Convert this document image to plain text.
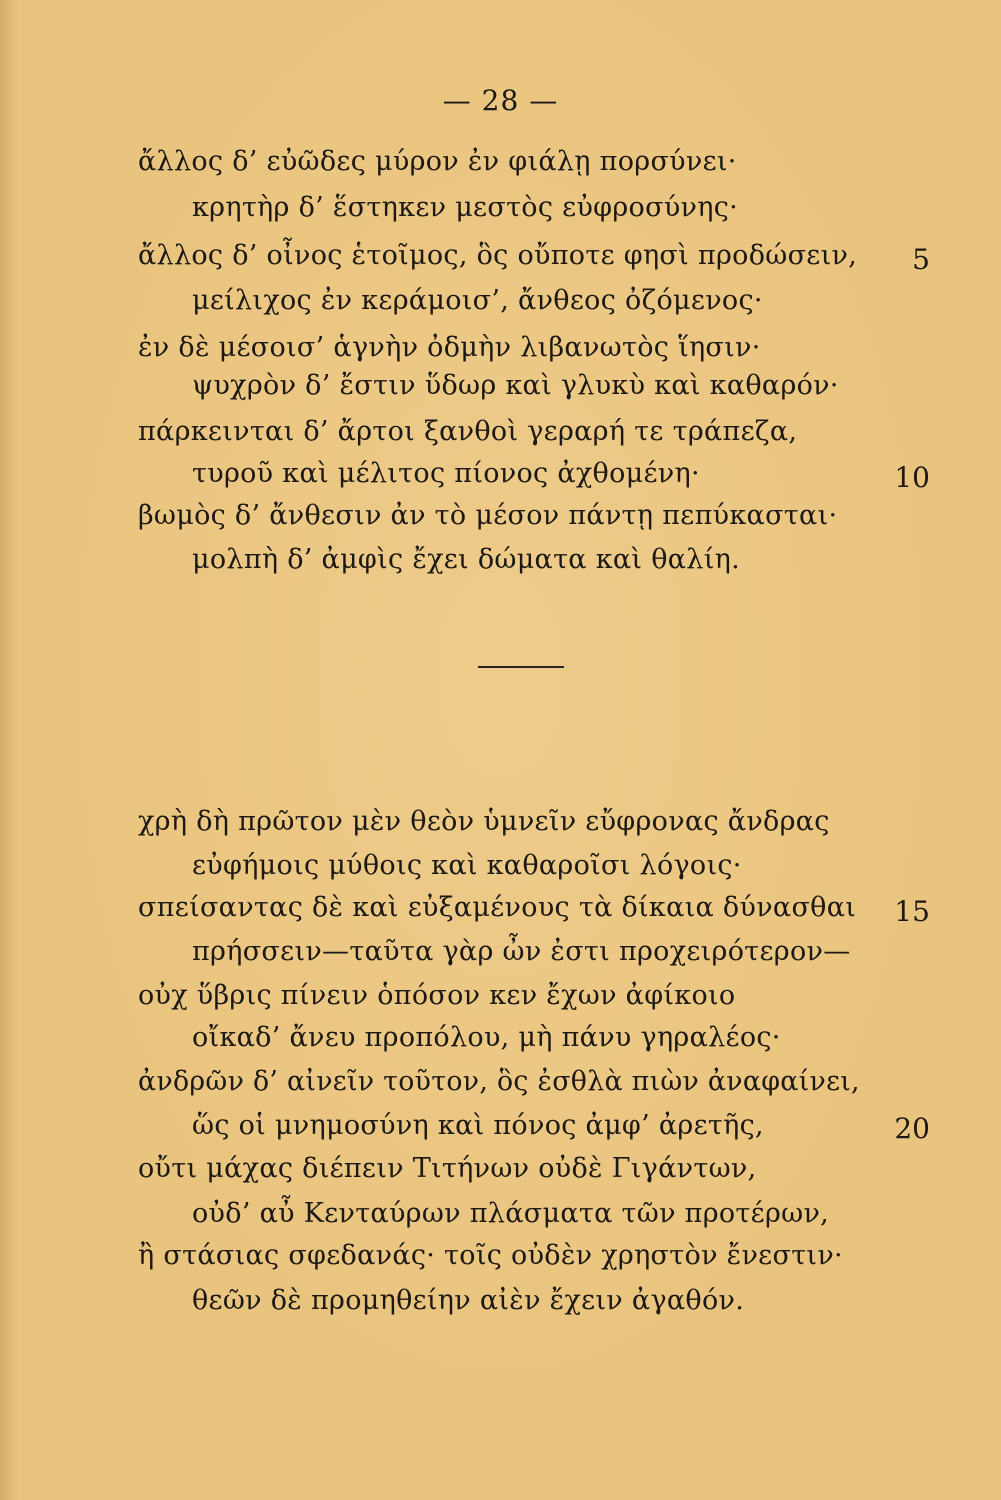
— 28 —
ἄλλος δ’ εὐῶδες μύρον ἐν φιάλῃ πορσύνει·
κρητὴρ δ’ ἕστηκεν μεστὸς εὐφροσύνης·
ἄλλος δ’ οἶνος ἑτοῖμος, ὃς οὔποτε φησὶ προδώσειν,
μείλιχος ἐν κεράμοισ’, ἄνθεος ὀζόμενος·
ἐν δὲ μέσοισ’ ἁγνὴν ὀδμὴν λιβανωτὸς ἵησιν·
ψυχρὸν δ’ ἔστιν ὕδωρ καὶ γλυκὺ καὶ καθαρόν·
πάρκεινται δ’ ἄρτοι ξανθοὶ γεραρή τε τράπεζα,
τυροῦ καὶ μέλιτος πίονος ἀχθομένη·
βωμὸς δ’ ἄνθεσιν ἀν τὸ μέσον πάντῃ πεπύκασται·
μολπὴ δ’ ἀμφὶς ἔχει δώματα καὶ θαλίη.
5
10
χρὴ δὴ πρῶτον μὲν θεὸν ὑμνεῖν εὔφρονας ἄνδρας
εὐφήμοις μύθοις καὶ καθαροῖσι λόγοις·
σπείσαντας δὲ καὶ εὐξαμένους τὰ δίκαια δύνασθαι
πρήσσειν—ταῦτα γὰρ ὦν ἐστι προχειρότερον—
οὐχ ὕβρις πίνειν ὁπόσον κεν ἔχων ἀφίκοιο
οἴκαδ’ ἄνευ προπόλου, μὴ πάνυ γηραλέος·
ἀνδρῶν δ’ αἰνεῖν τοῦτον, ὃς ἐσθλὰ πιὼν ἀναφαίνει,
ὥς οἱ μνημοσύνη καὶ πόνος ἀμφ’ ἀρετῆς,
οὔτι μάχας διέπειν Τιτήνων οὐδὲ Γιγάντων,
οὐδ’ αὖ Κενταύρων πλάσματα τῶν προτέρων,
ἢ στάσιας σφεδανάς· τοῖς οὐδὲν χρηστὸν ἔνεστιν·
θεῶν δὲ προμηθείην αἰὲν ἔχειν ἀγαθόν.
15
20
